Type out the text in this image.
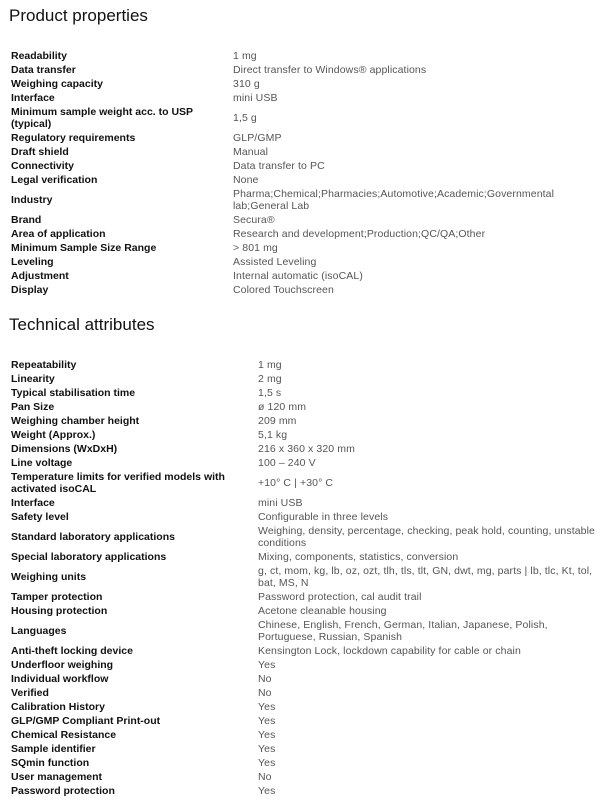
Product properties
Readability	1 mg
Data transfer	Direct transfer to Windows® applications
Weighing capacity	310 g
Interface	mini USB
Minimum sample weight acc. to USP (typical)	1,5 g
Regulatory requirements	GLP/GMP
Draft shield	Manual
Connectivity	Data transfer to PC
Legal verification	None
Industry	Pharma;Chemical;Pharmacies;Automotive;Academic;Governmental lab;General Lab
Brand	Secura®
Area of application	Research and development;Production;QC/QA;Other
Minimum Sample Size Range	> 801 mg
Leveling	Assisted Leveling
Adjustment	Internal automatic (isoCAL)
Display	Colored Touchscreen
Technical attributes
Repeatability	1 mg
Linearity	2 mg
Typical stabilisation time	1,5 s
Pan Size	ø 120 mm
Weighing chamber height	209 mm
Weight (Approx.)	5,1 kg
Dimensions (WxDxH)	216 x 360 x 320 mm
Line voltage	100 – 240 V
Temperature limits for verified models with activated isoCAL	+10° C | +30° C
Interface	mini USB
Safety level	Configurable in three levels
Standard laboratory applications	Weighing, density, percentage, checking, peak hold, counting, unstable conditions
Special laboratory applications	Mixing, components, statistics, conversion
Weighing units	g, ct, mom, kg, lb, oz, ozt, tlh, tls, tlt, GN, dwt, mg, parts | lb, tlc, Kt, tol, bat, MS, N
Tamper protection	Password protection, cal audit trail
Housing protection	Acetone cleanable housing
Languages	Chinese, English, French, German, Italian, Japanese, Polish, Portuguese, Russian, Spanish
Anti-theft locking device	Kensington Lock, lockdown capability for cable or chain
Underfloor weighing	Yes
Individual workflow	No
Verified	No
Calibration History	Yes
GLP/GMP Compliant Print-out	Yes
Chemical Resistance	Yes
Sample identifier	Yes
SQmin function	Yes
User management	No
Password protection	Yes
